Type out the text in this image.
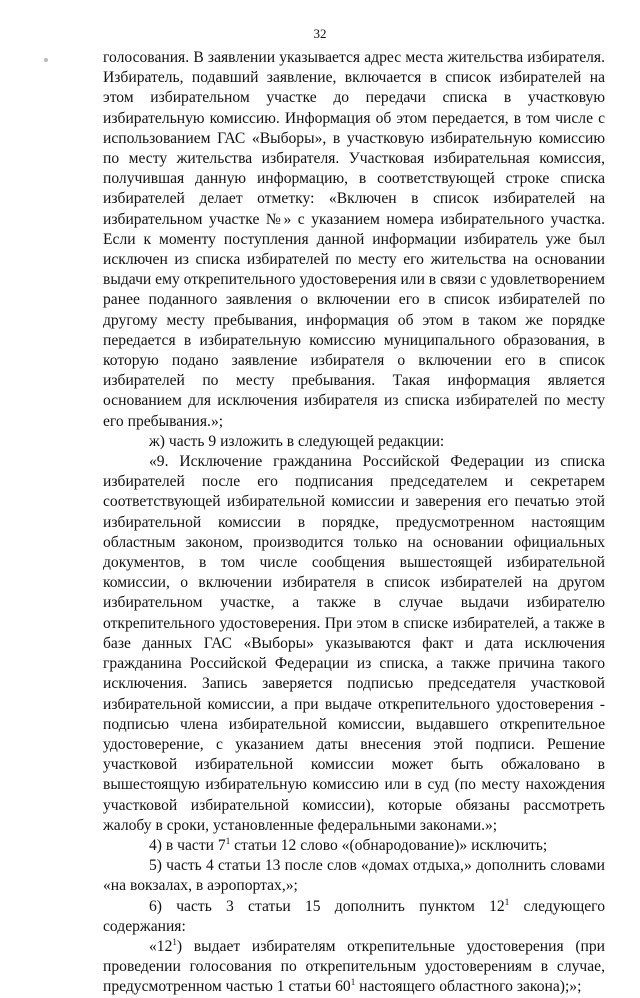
32

голосования. В заявлении указывается адрес места жительства избирателя. Избиратель, подавший заявление, включается в список избирателей на этом избирательном участке до передачи списка в участковую избирательную комиссию. Информация об этом передается, в том числе с использованием ГАС «Выборы», в участковую избирательную комиссию по месту жительства избирателя. Участковая избирательная комиссия, получившая данную информацию, в соответствующей строке списка избирателей делает отметку: «Включен в список избирателей на избирательном участке №» с указанием номера избирательного участка. Если к моменту поступления данной информации избиратель уже был исключен из списка избирателей по месту его жительства на основании выдачи ему открепительного удостоверения или в связи с удовлетворением ранее поданного заявления о включении его в список избирателей по другому месту пребывания, информация об этом в таком же порядке передается в избирательную комиссию муниципального образования, в которую подано заявление избирателя о включении его в список избирателей по месту пребывания. Такая информация является основанием для исключения избирателя из списка избирателей по месту его пребывания.»;

ж) часть 9 изложить в следующей редакции:

«9. Исключение гражданина Российской Федерации из списка избирателей после его подписания председателем и секретарем соответствующей избирательной комиссии и заверения его печатью этой избирательной комиссии в порядке, предусмотренном настоящим областным законом, производится только на основании официальных документов, в том числе сообщения вышестоящей избирательной комиссии, о включении избирателя в список избирателей на другом избирательном участке, а также в случае выдачи избирателю открепительного удостоверения. При этом в списке избирателей, а также в базе данных ГАС «Выборы» указываются факт и дата исключения гражданина Российской Федерации из списка, а также причина такого исключения. Запись заверяется подписью председателя участковой избирательной комиссии, а при выдаче открепительного удостоверения - подписью члена избирательной комиссии, выдавшего открепительное удостоверение, с указанием даты внесения этой подписи. Решение участковой избирательной комиссии может быть обжаловано в вышестоящую избирательную комиссию или в суд (по месту нахождения участковой избирательной комиссии), которые обязаны рассмотреть жалобу в сроки, установленные федеральными законами.»;

4) в части $7^1$ статьи 12 слово «(обнародование)» исключить;

5) часть 4 статьи 13 после слов «домах отдыха,» дополнить словами «на вокзалах, в аэропортах,»;

6) часть 3 статьи 15 дополнить пунктом $12^1$ следующего содержания:

«$12^1$) выдает избирателям открепительные удостоверения (при проведении голосования по открепительным удостоверениям в случае, предусмотренном частью 1 статьи $60^1$ настоящего областного закона);»;
